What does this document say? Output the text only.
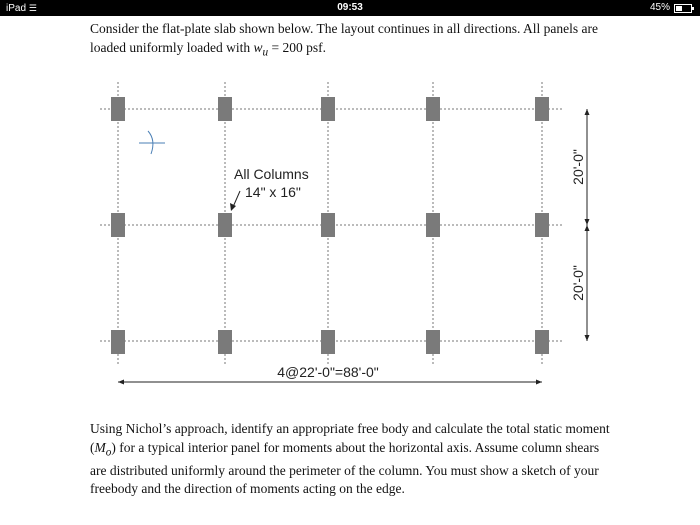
iPad ☰	09:53	45%
Consider the flat-plate slab shown below. The layout continues in all directions. All panels are
loaded uniformly loaded with $w_u = 200$ psf.
All Columns
14" x 16"
4@22'-0"=88'-0"
20'-0"
20'-0"
Using Nichol’s approach, identify an appropriate free body and calculate the total static moment $(M_o)$ for a typical interior panel for moments about the horizontal axis. Assume column shears are distributed uniformly around the perimeter of the column. You must show a sketch of your freebody and the direction of moments acting on the edge.
